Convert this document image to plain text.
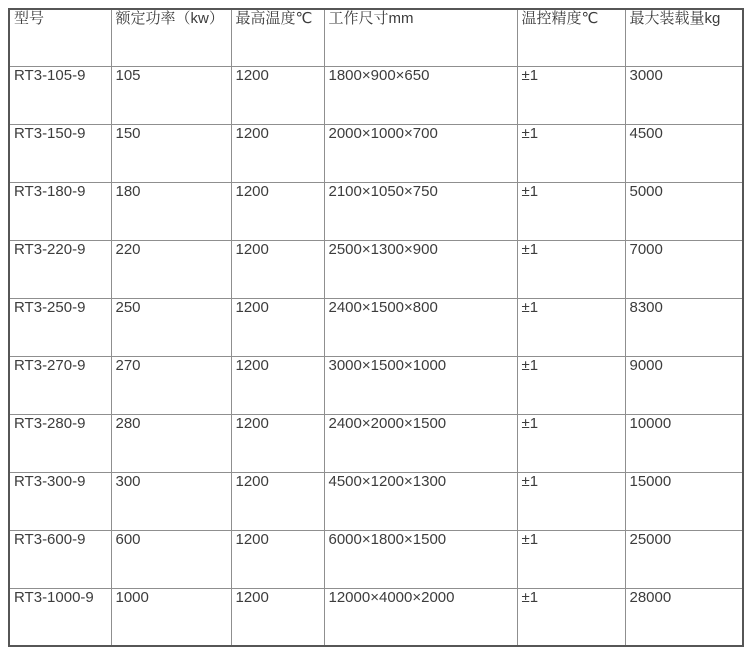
型号	额定功率（kw）	最高温度℃	工作尺寸mm	温控精度℃	最大装载量kg
RT3-105-9	105	1200	1800×900×650	±1	3000
RT3-150-9	150	1200	2000×1000×700	±1	4500
RT3-180-9	180	1200	2100×1050×750	±1	5000
RT3-220-9	220	1200	2500×1300×900	±1	7000
RT3-250-9	250	1200	2400×1500×800	±1	8300
RT3-270-9	270	1200	3000×1500×1000	±1	9000
RT3-280-9	280	1200	2400×2000×1500	±1	10000
RT3-300-9	300	1200	4500×1200×1300	±1	15000
RT3-600-9	600	1200	6000×1800×1500	±1	25000
RT3-1000-9	1000	1200	12000×4000×2000	±1	28000
